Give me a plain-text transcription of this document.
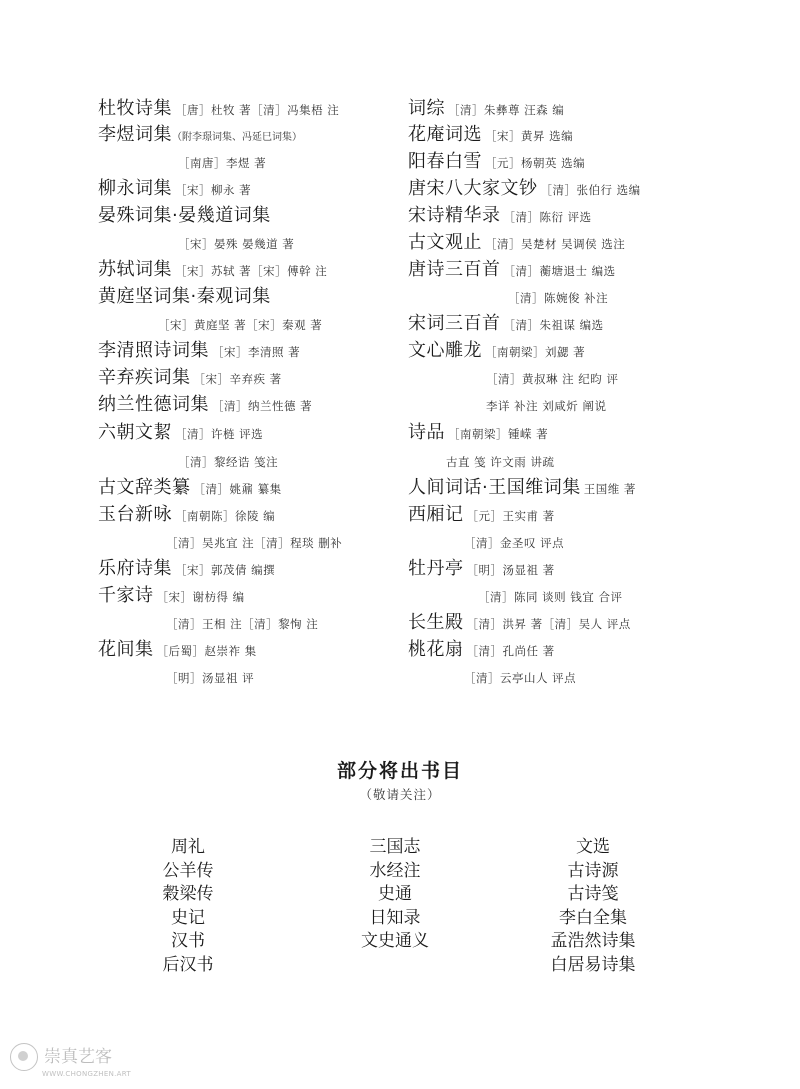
杜牧诗集 ［唐］杜牧 著［清］冯集梧 注
李煜词集（附李璟词集、冯延巳词集）
［南唐］李煜 著
柳永词集 ［宋］柳永 著
晏殊词集·晏幾道词集
［宋］晏殊 晏幾道 著
苏轼词集 ［宋］苏轼 著［宋］傅幹 注
黄庭坚词集·秦观词集
［宋］黄庭坚 著［宋］秦观 著
李清照诗词集 ［宋］李清照 著
辛弃疾词集 ［宋］辛弃疾 著
纳兰性德词集 ［清］纳兰性德 著
六朝文絜 ［清］许梿 评选
［清］黎经诰 笺注
古文辞类纂 ［清］姚鼐 纂集
玉台新咏 ［南朝陈］徐陵 编
［清］吴兆宜 注［清］程琰 删补
乐府诗集 ［宋］郭茂倩 编撰
千家诗 ［宋］谢枋得 编
［清］王相 注［清］黎恂 注
花间集 ［后蜀］赵崇祚 集
［明］汤显祖 评
词综 ［清］朱彝尊 汪森 编
花庵词选 ［宋］黄昇 选编
阳春白雪 ［元］杨朝英 选编
唐宋八大家文钞 ［清］张伯行 选编
宋诗精华录 ［清］陈衍 评选
古文观止 ［清］吴楚材 吴调侯 选注
唐诗三百首 ［清］蘅塘退士 编选
［清］陈婉俊 补注
宋词三百首 ［清］朱祖谋 编选
文心雕龙 ［南朝梁］刘勰 著
［清］黄叔琳 注 纪昀 评
李详 补注 刘咸炘 阐说
诗品 ［南朝梁］锺嵘 著
古直 笺 许文雨 讲疏
人间词话·王国维词集 王国维 著
西厢记 ［元］王实甫 著
［清］金圣叹 评点
牡丹亭 ［明］汤显祖 著
［清］陈同 谈则 钱宜 合评
长生殿 ［清］洪昇 著［清］吴人 评点
桃花扇 ［清］孔尚任 著
［清］云亭山人 评点
部分将出书目
（敬请关注）
周礼
公羊传
穀梁传
史记
汉书
后汉书
三国志
水经注
史通
日知录
文史通义
文选
古诗源
古诗笺
李白全集
孟浩然诗集
白居易诗集
崇真艺客
WWW.CHONGZHEN.ART
